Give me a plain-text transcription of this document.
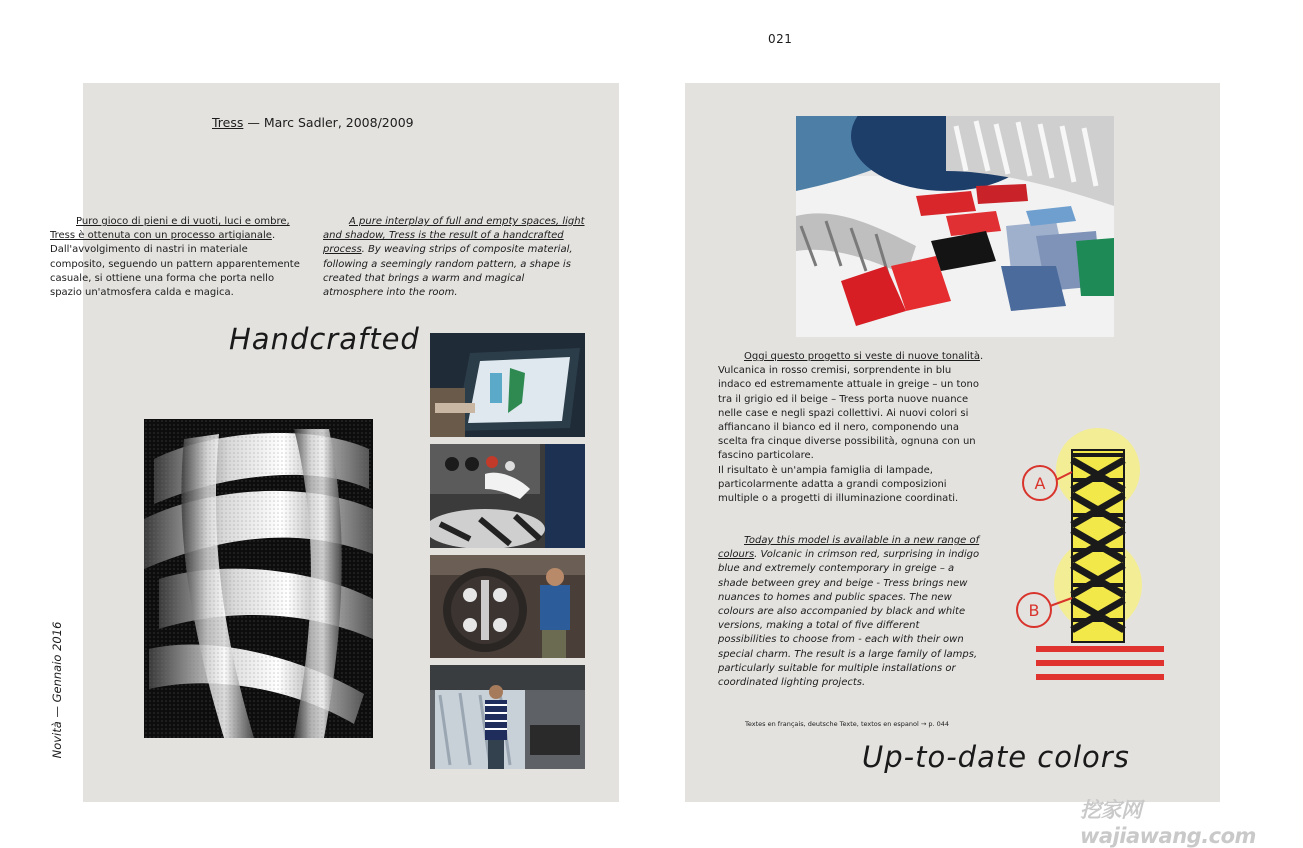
021
Tress — Marc Sadler, 2008/2009

Puro gioco di pieni e di vuoti, luci e ombre, Tress è ottenuta con un processo artigianale. Dall'avvolgimento di nastri in materiale composito, seguendo un pattern apparentemente casuale, si ottiene una forma che porta nello spazio un'atmosfera calda e magica.

A pure interplay of full and empty spaces, light and shadow, Tress is the result of a handcrafted process. By weaving strips of composite material, following a seemingly random pattern, a shape is created that brings a warm and magical atmosphere into the room.

Handcrafted
Up-to-date colors
Novità — Gennaio 2016
Oggi questo progetto si veste di nuove tonalità. Vulcanica in rosso cremisi, sorprendente in blu indaco ed estremamente attuale in greige – un tono tra il grigio ed il beige – Tress porta nuove nuance nelle case e negli spazi collettivi. Ai nuovi colori si affiancano il bianco ed il nero, componendo una scelta fra cinque diverse possibilità, ognuna con un fascino particolare.
Il risultato è un'ampia famiglia di lampade, particolarmente adatta a grandi composizioni multiple o a progetti di illuminazione coordinati.

Today this model is available in a new range of colours. Volcanic in crimson red, surprising in indigo blue and extremely contemporary in greige – a shade between grey and beige - Tress brings new nuances to homes and public spaces. The new colours are also accompanied by black and white versions, making a total of five different possibilities to choose from - each with their own special charm. The result is a large family of lamps, particularly suitable for multiple installations or coordinated lighting projects.

Textes en français, deutsche Texte, textos en espanol → p. 044
A
B
挖家网 wajiawang.com
